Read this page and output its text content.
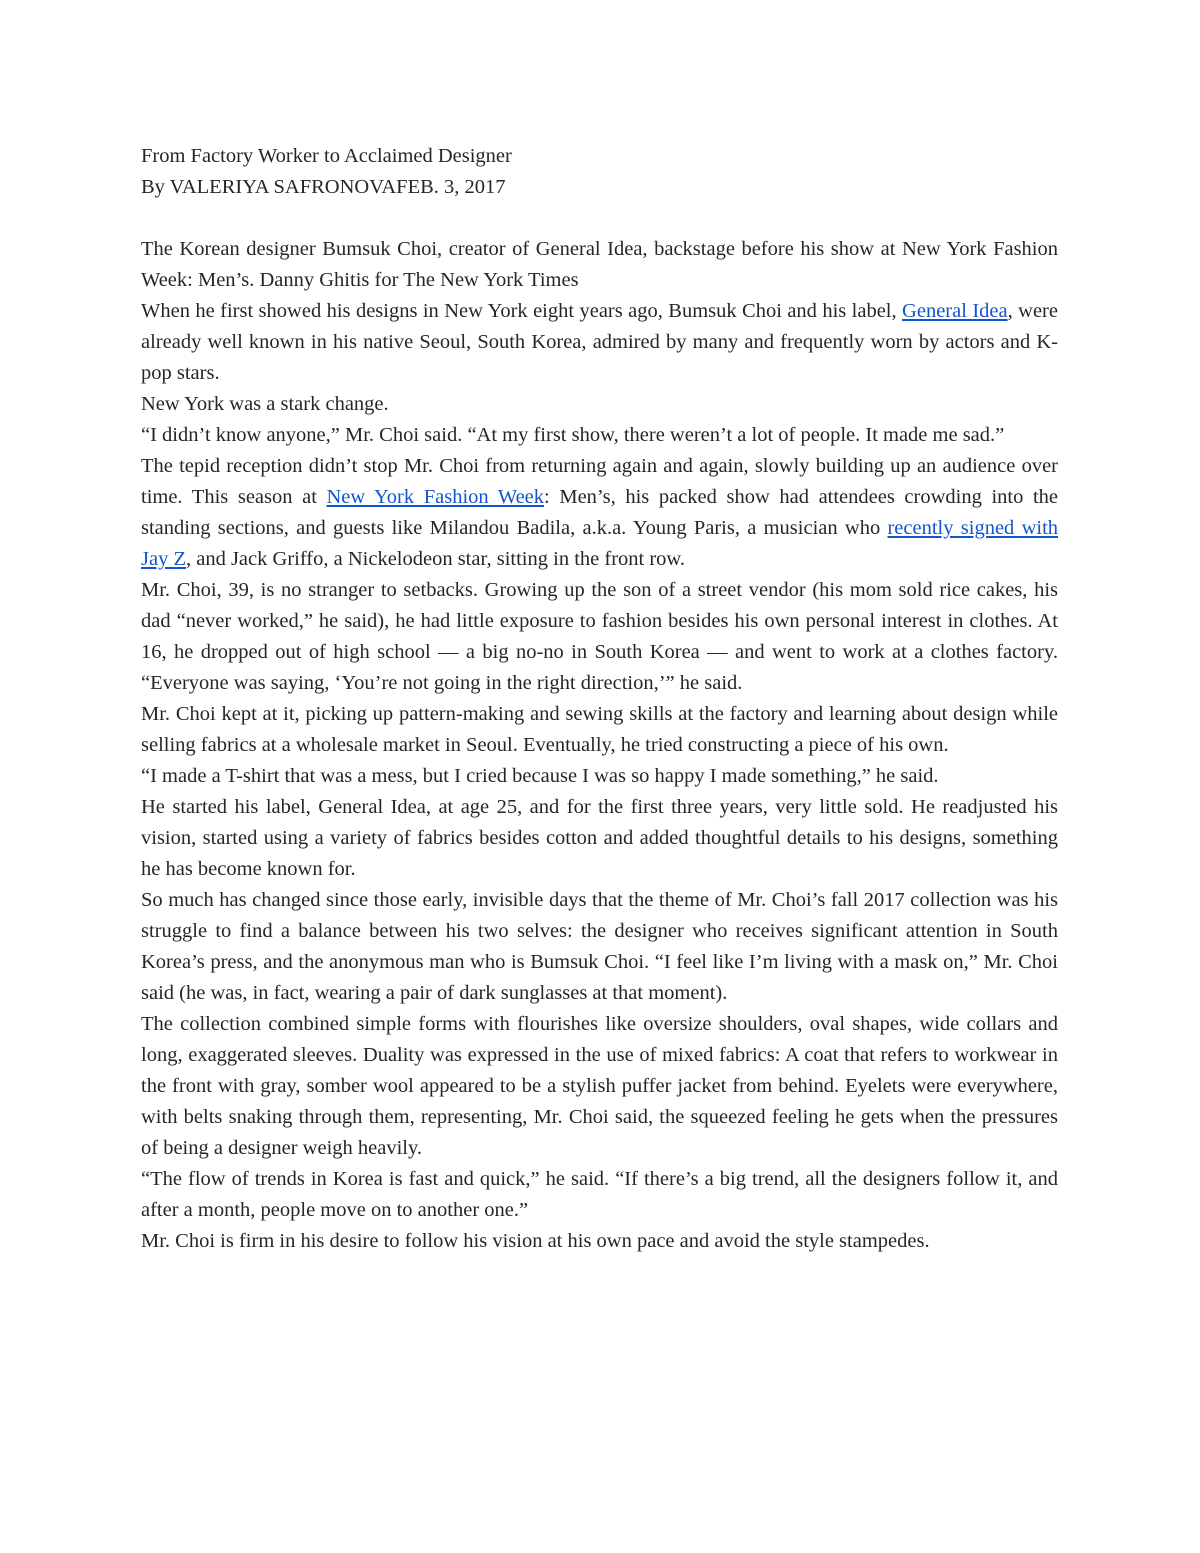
From Factory Worker to Acclaimed Designer

By VALERIYA SAFRONOVAFEB. 3, 2017

The Korean designer Bumsuk Choi, creator of General Idea, backstage before his show at New York Fashion Week: Men’s. Danny Ghitis for The New York Times

When he first showed his designs in New York eight years ago, Bumsuk Choi and his label, General Idea, were already well known in his native Seoul, South Korea, admired by many and frequently worn by actors and K-pop stars.

New York was a stark change.

“I didn’t know anyone,” Mr. Choi said. “At my first show, there weren’t a lot of people. It made me sad.”

The tepid reception didn’t stop Mr. Choi from returning again and again, slowly building up an audience over time. This season at New York Fashion Week: Men’s, his packed show had attendees crowding into the standing sections, and guests like Milandou Badila, a.k.a. Young Paris, a musician who recently signed with Jay Z, and Jack Griffo, a Nickelodeon star, sitting in the front row.

Mr. Choi, 39, is no stranger to setbacks. Growing up the son of a street vendor (his mom sold rice cakes, his dad “never worked,” he said), he had little exposure to fashion besides his own personal interest in clothes. At 16, he dropped out of high school — a big no-no in South Korea — and went to work at a clothes factory. “Everyone was saying, ‘You’re not going in the right direction,’” he said.

Mr. Choi kept at it, picking up pattern-making and sewing skills at the factory and learning about design while selling fabrics at a wholesale market in Seoul. Eventually, he tried constructing a piece of his own.

“I made a T-shirt that was a mess, but I cried because I was so happy I made something,” he said.

He started his label, General Idea, at age 25, and for the first three years, very little sold. He readjusted his vision, started using a variety of fabrics besides cotton and added thoughtful details to his designs, something he has become known for.

So much has changed since those early, invisible days that the theme of Mr. Choi’s fall 2017 collection was his struggle to find a balance between his two selves: the designer who receives significant attention in South Korea’s press, and the anonymous man who is Bumsuk Choi. “I feel like I’m living with a mask on,” Mr. Choi said (he was, in fact, wearing a pair of dark sunglasses at that moment).

The collection combined simple forms with flourishes like oversize shoulders, oval shapes, wide collars and long, exaggerated sleeves. Duality was expressed in the use of mixed fabrics: A coat that refers to workwear in the front with gray, somber wool appeared to be a stylish puffer jacket from behind. Eyelets were everywhere, with belts snaking through them, representing, Mr. Choi said, the squeezed feeling he gets when the pressures of being a designer weigh heavily.

“The flow of trends in Korea is fast and quick,” he said. “If there’s a big trend, all the designers follow it, and after a month, people move on to another one.”

Mr. Choi is firm in his desire to follow his vision at his own pace and avoid the style stampedes.
